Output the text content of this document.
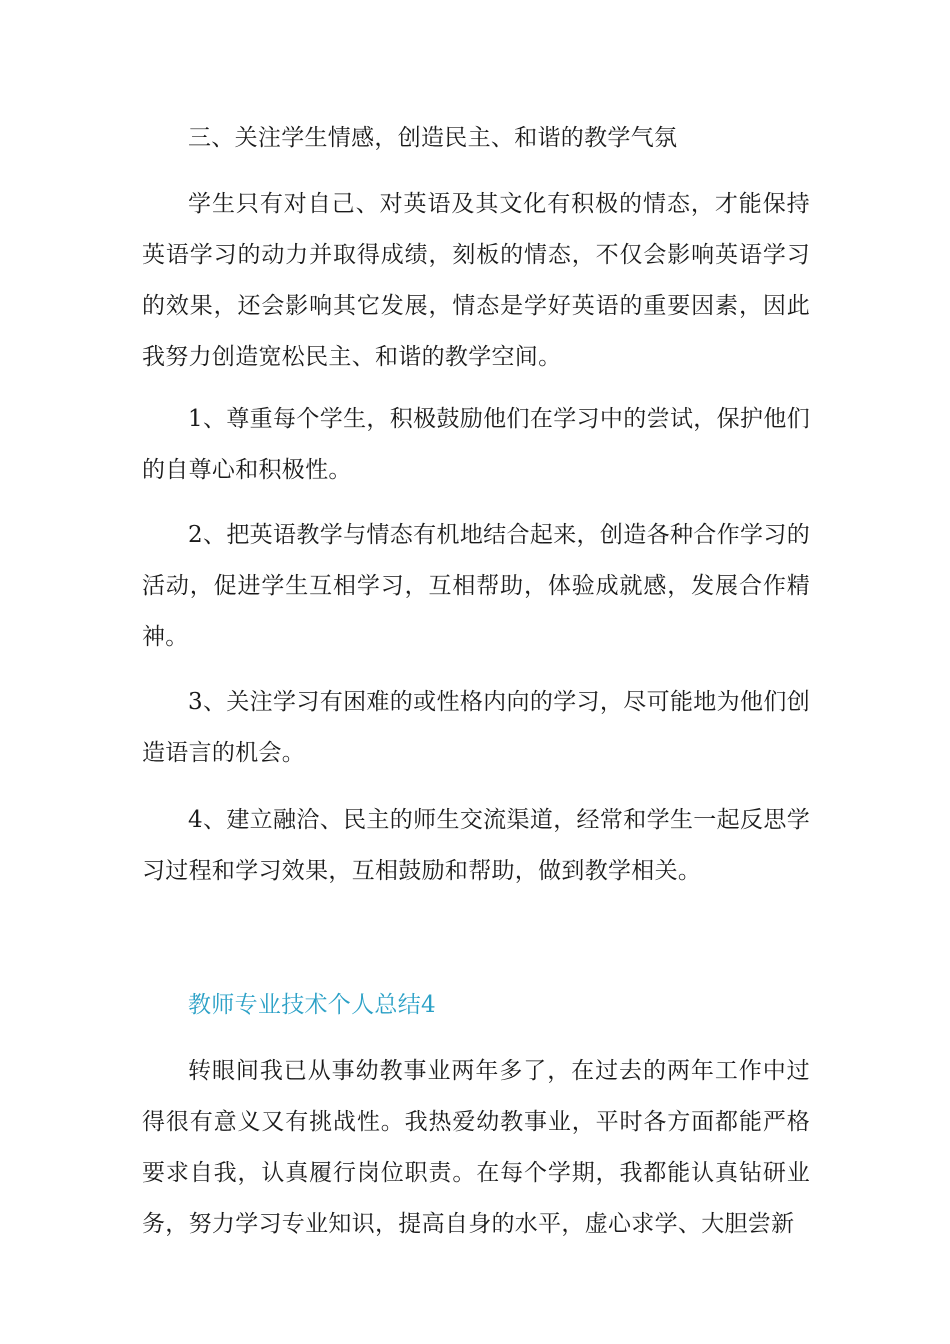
三、关注学生情感，创造民主、和谐的教学气氛

学生只有对自己、对英语及其文化有积极的情态，才能保持英语学习的动力并取得成绩，刻板的情态，不仅会影响英语学习的效果，还会影响其它发展，情态是学好英语的重要因素，因此我努力创造宽松民主、和谐的教学空间。

1、尊重每个学生，积极鼓励他们在学习中的尝试，保护他们的自尊心和积极性。

2、把英语教学与情态有机地结合起来，创造各种合作学习的活动，促进学生互相学习，互相帮助，体验成就感，发展合作精神。

3、关注学习有困难的或性格内向的学习，尽可能地为他们创造语言的机会。

4、建立融洽、民主的师生交流渠道，经常和学生一起反思学习过程和学习效果，互相鼓励和帮助，做到教学相关。

教师专业技术个人总结4

转眼间我已从事幼教事业两年多了，在过去的两年工作中过得很有意义又有挑战性。我热爱幼教事业，平时各方面都能严格要求自我，认真履行岗位职责。在每个学期，我都能认真钻研业务，努力学习专业知识，提高自身的水平，虚心求学、大胆尝新
